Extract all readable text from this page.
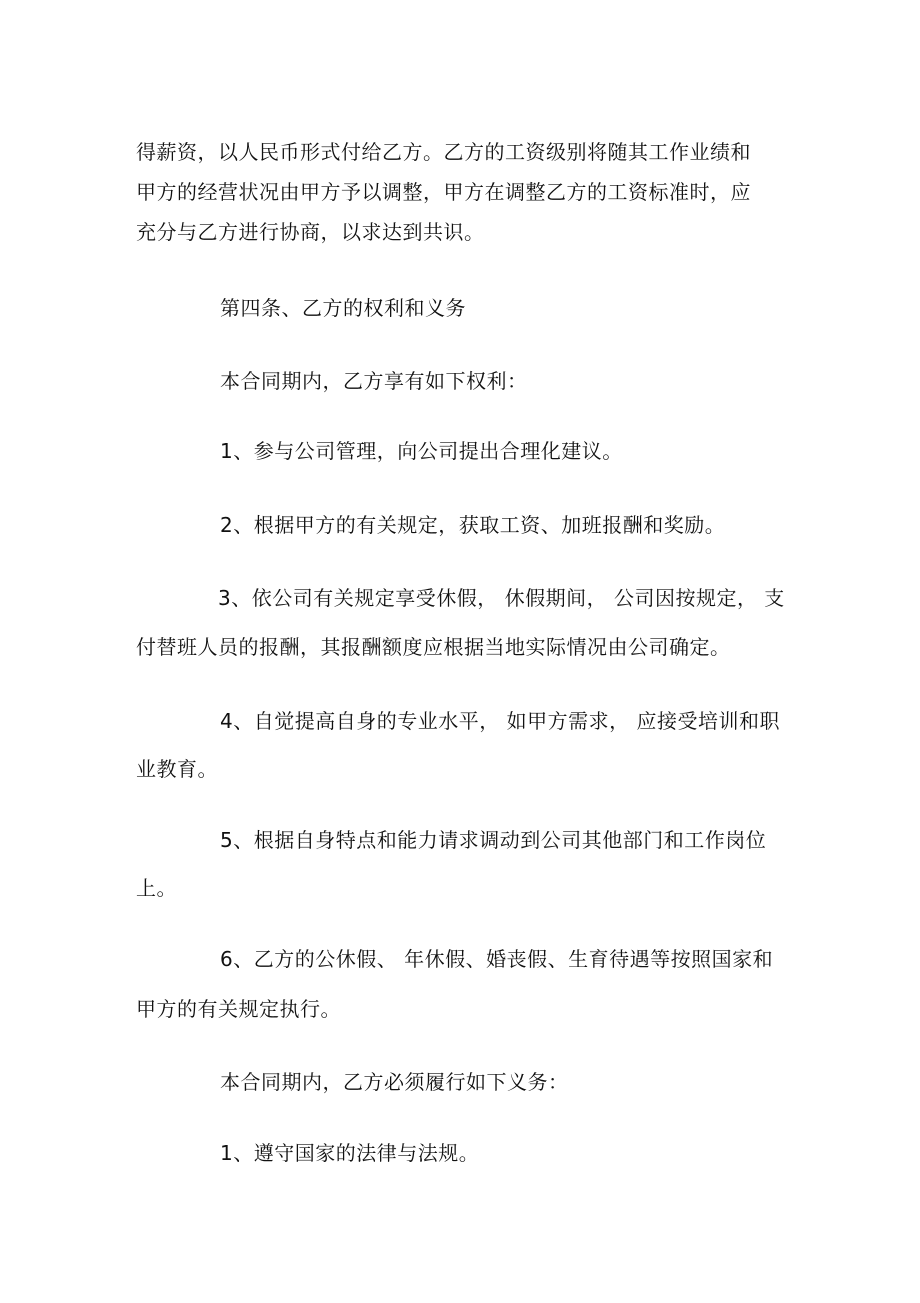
得薪资，以人民币形式付给乙方。乙方的工资级别将随其工作业绩和
甲方的经营状况由甲方予以调整，甲方在调整乙方的工资标准时，应
充分与乙方进行协商，以求达到共识。
第四条、乙方的权利和义务
本合同期内，乙方享有如下权利：
1、参与公司管理，向公司提出合理化建议。
2、根据甲方的有关规定，获取工资、加班报酬和奖励。
3、依公司有关规定享受休假， 休假期间， 公司因按规定， 支
付替班人员的报酬，其报酬额度应根据当地实际情况由公司确定。
4、自觉提高自身的专业水平， 如甲方需求， 应接受培训和职
业教育。
5、根据自身特点和能力请求调动到公司其他部门和工作岗位
上。
6、乙方的公休假、 年休假、婚丧假、生育待遇等按照国家和
甲方的有关规定执行。
本合同期内，乙方必须履行如下义务：
1、遵守国家的法律与法规。
